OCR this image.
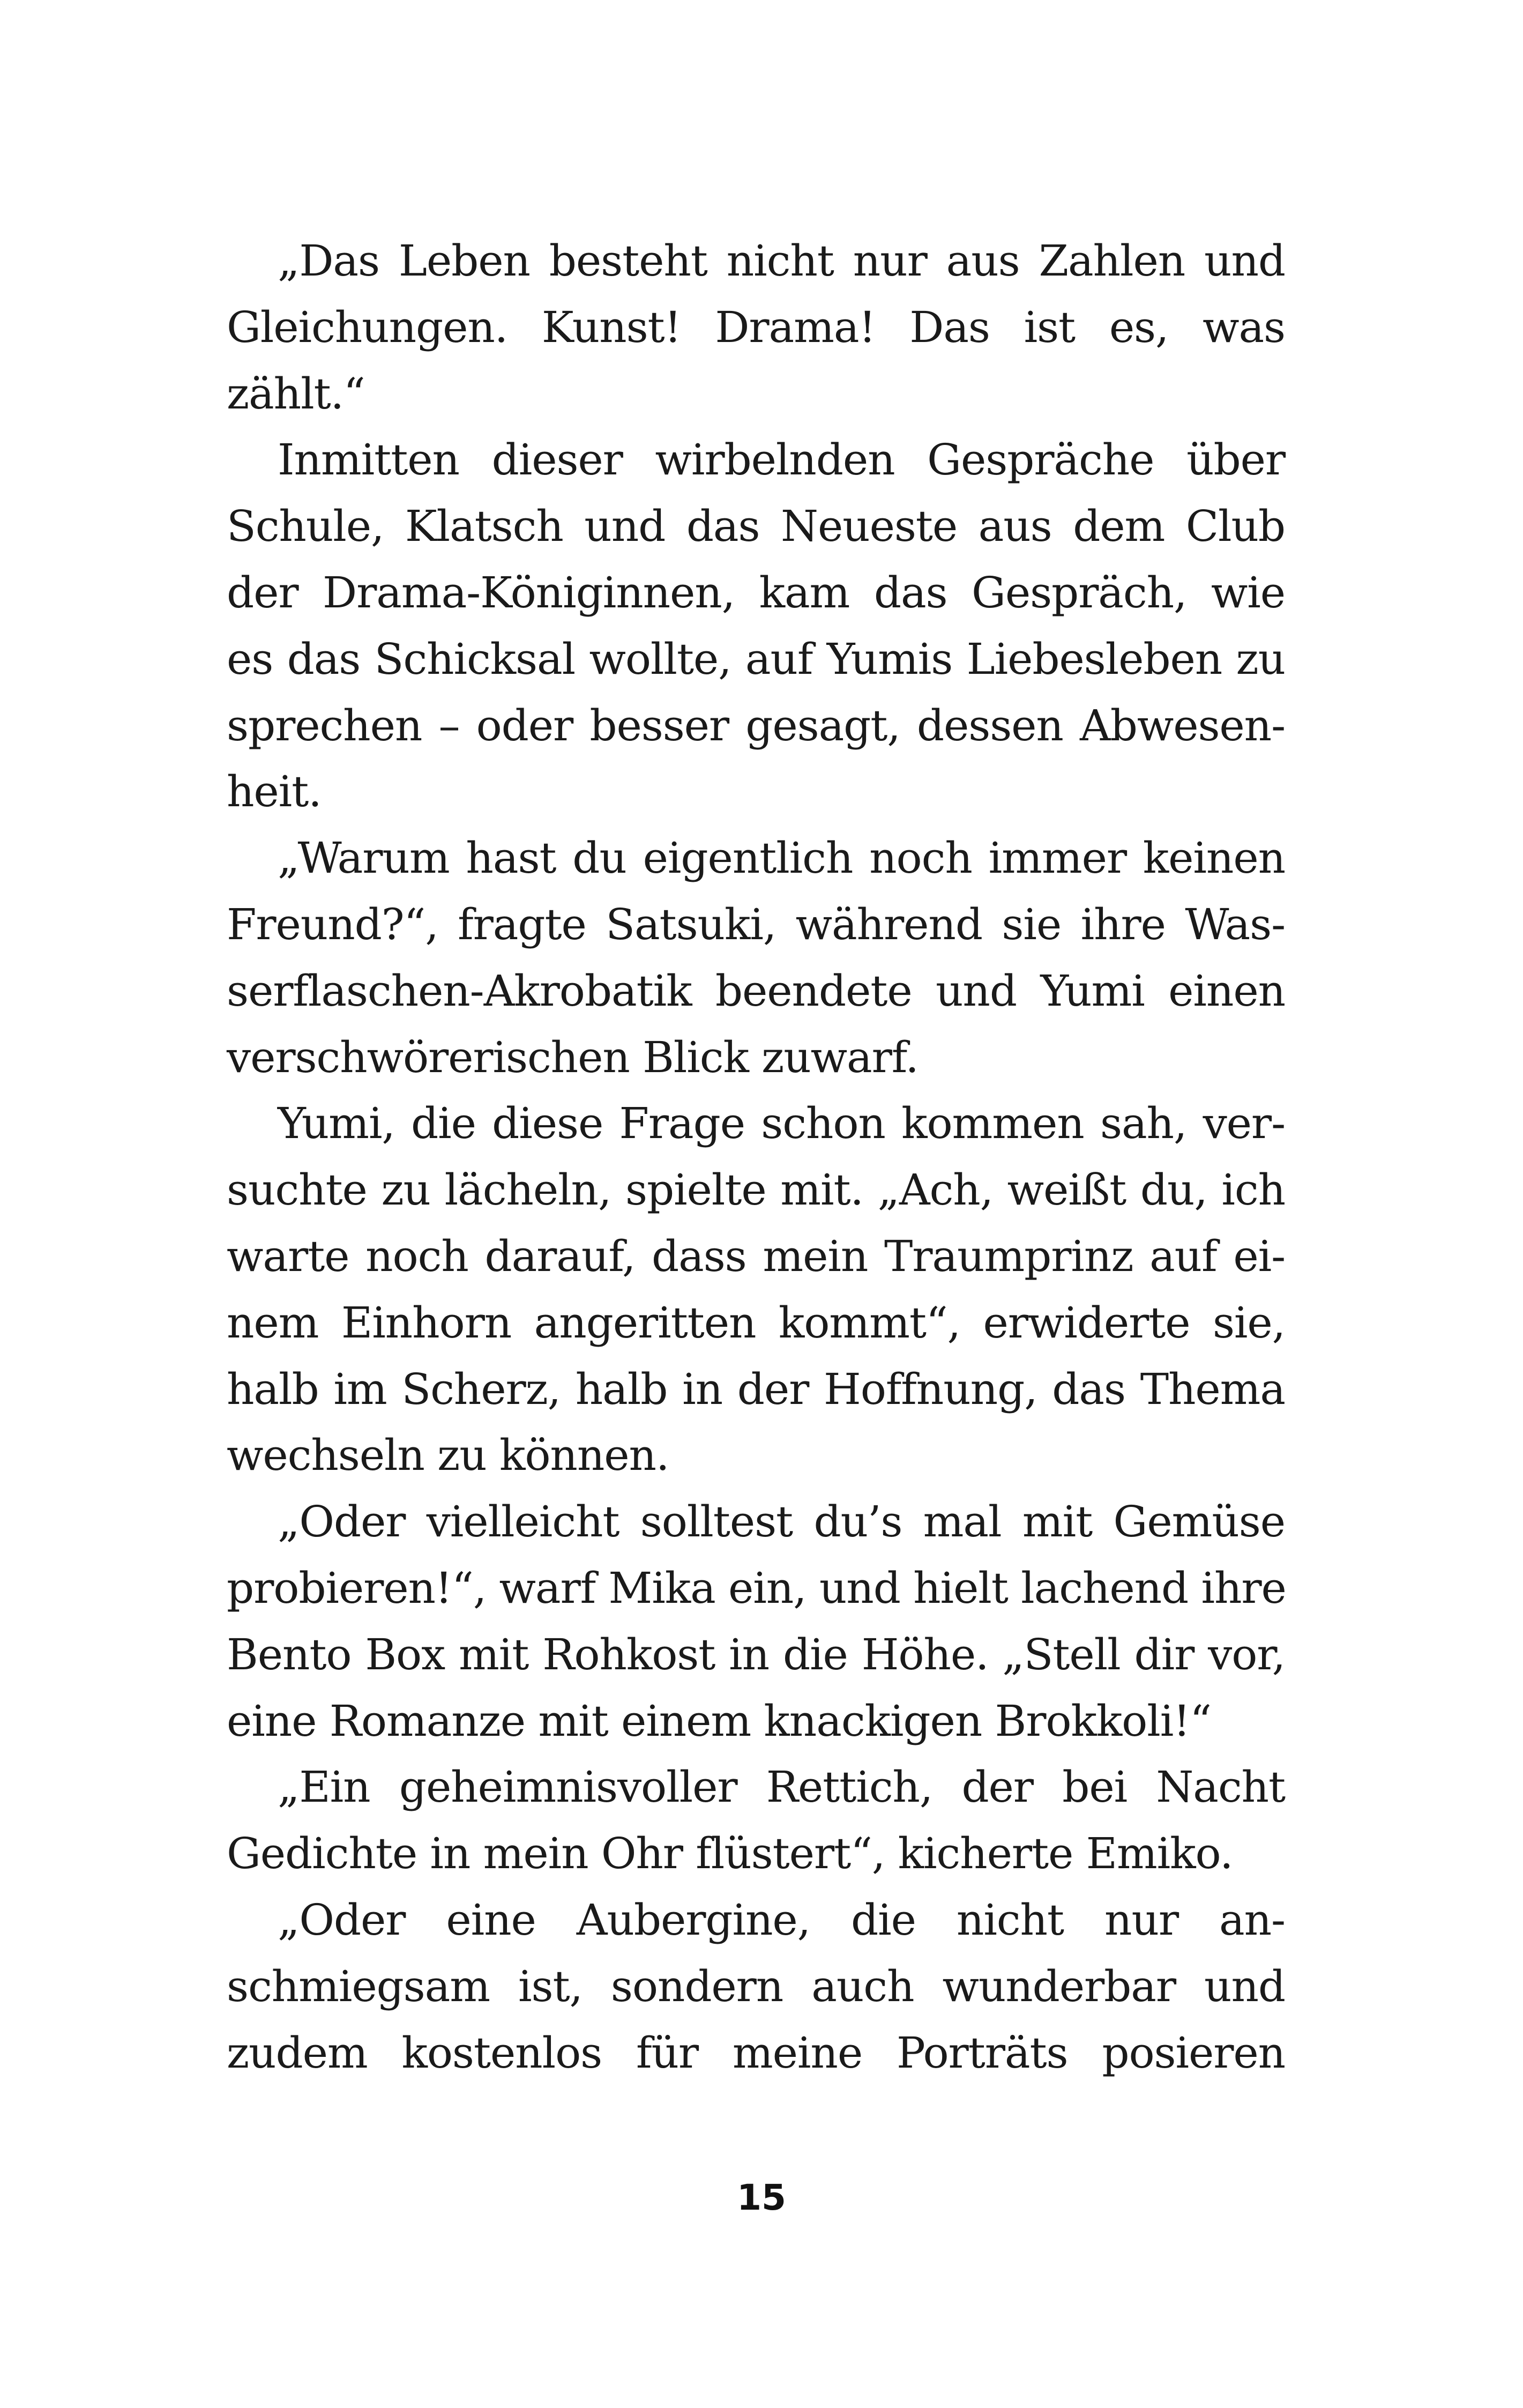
„Das Leben besteht nicht nur aus Zahlen und
Gleichungen. Kunst! Drama! Das ist es, was
zählt.“
Inmitten dieser wirbelnden Gespräche über
Schule, Klatsch und das Neueste aus dem Club
der Drama-Königinnen, kam das Gespräch, wie
es das Schicksal wollte, auf Yumis Liebesleben zu
sprechen – oder besser gesagt, dessen Abwesen-
heit.
„Warum hast du eigentlich noch immer keinen
Freund?“, fragte Satsuki, während sie ihre Was-
serflaschen-Akrobatik beendete und Yumi einen
verschwörerischen Blick zuwarf.
Yumi, die diese Frage schon kommen sah, ver-
suchte zu lächeln, spielte mit. „Ach, weißt du, ich
warte noch darauf, dass mein Traumprinz auf ei-
nem Einhorn angeritten kommt“, erwiderte sie,
halb im Scherz, halb in der Hoffnung, das Thema
wechseln zu können.
„Oder vielleicht solltest du’s mal mit Gemüse
probieren!“, warf Mika ein, und hielt lachend ihre
Bento Box mit Rohkost in die Höhe. „Stell dir vor,
eine Romanze mit einem knackigen Brokkoli!“
„Ein geheimnisvoller Rettich, der bei Nacht
Gedichte in mein Ohr flüstert“, kicherte Emiko.
„Oder eine Aubergine, die nicht nur an-
schmiegsam ist, sondern auch wunderbar und
zudem kostenlos für meine Porträts posieren
15
